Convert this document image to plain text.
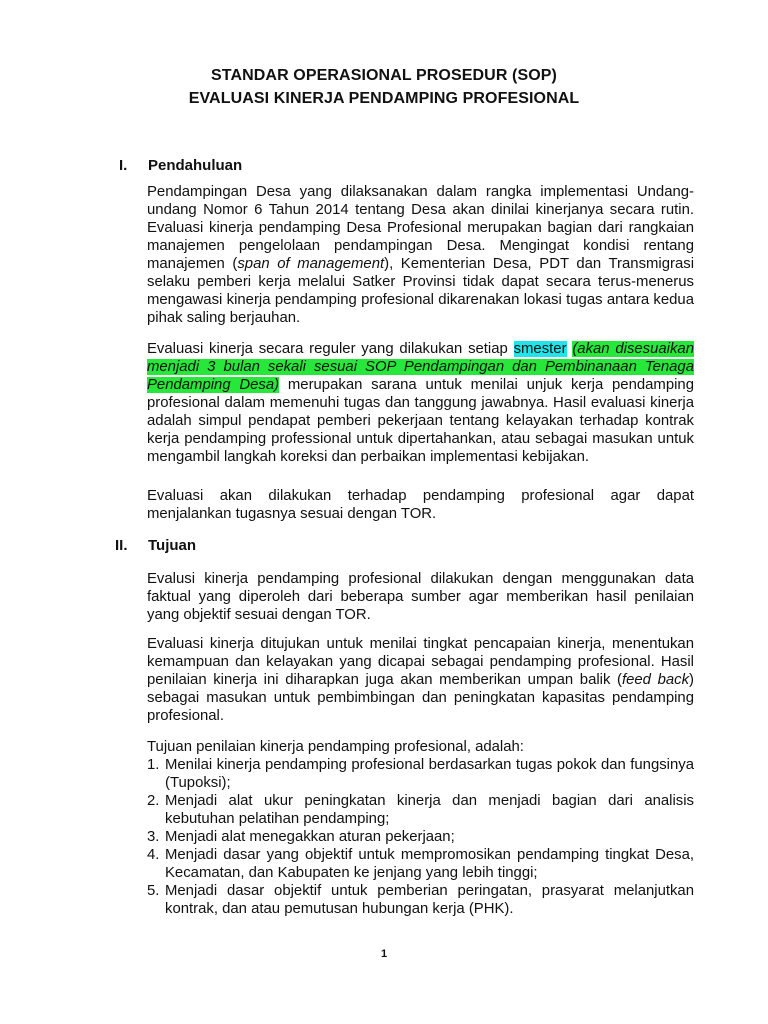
STANDAR OPERASIONAL PROSEDUR (SOP)
EVALUASI KINERJA PENDAMPING PROFESIONAL
I. Pendahuluan
Pendampingan Desa yang dilaksanakan dalam rangka implementasi Undang-undang Nomor 6 Tahun 2014 tentang Desa akan dinilai kinerjanya secara rutin. Evaluasi kinerja pendamping Desa Profesional merupakan bagian dari rangkaian manajemen pengelolaan pendampingan Desa. Mengingat kondisi rentang manajemen (span of management), Kementerian Desa, PDT dan Transmigrasi selaku pemberi kerja melalui Satker Provinsi tidak dapat secara terus-menerus mengawasi kinerja pendamping profesional dikarenakan lokasi tugas antara kedua pihak saling berjauhan.
Evaluasi kinerja secara reguler yang dilakukan setiap smester (akan disesuaikan menjadi 3 bulan sekali sesuai SOP Pendampingan dan Pembinanaan Tenaga Pendamping Desa) merupakan sarana untuk menilai unjuk kerja pendamping profesional dalam memenuhi tugas dan tanggung jawabnya. Hasil evaluasi kinerja adalah simpul pendapat pemberi pekerjaan tentang kelayakan terhadap kontrak kerja pendamping professional untuk dipertahankan, atau sebagai masukan untuk mengambil langkah koreksi dan perbaikan implementasi kebijakan.
Evaluasi akan dilakukan terhadap pendamping profesional agar dapat menjalankan tugasnya sesuai dengan TOR.
II. Tujuan
Evalusi kinerja pendamping profesional dilakukan dengan menggunakan data faktual yang diperoleh dari beberapa sumber agar memberikan hasil penilaian yang objektif sesuai dengan TOR.
Evaluasi kinerja ditujukan untuk menilai tingkat pencapaian kinerja, menentukan kemampuan dan kelayakan yang dicapai sebagai pendamping profesional. Hasil penilaian kinerja ini diharapkan juga akan memberikan umpan balik (feed back) sebagai masukan untuk pembimbingan dan peningkatan kapasitas pendamping profesional.
Tujuan penilaian kinerja pendamping profesional, adalah:
1. Menilai kinerja pendamping profesional berdasarkan tugas pokok dan fungsinya (Tupoksi);
2. Menjadi alat ukur peningkatan kinerja dan menjadi bagian dari analisis kebutuhan pelatihan pendamping;
3. Menjadi alat menegakkan aturan pekerjaan;
4. Menjadi dasar yang objektif untuk mempromosikan pendamping tingkat Desa, Kecamatan, dan Kabupaten ke jenjang yang lebih tinggi;
5. Menjadi dasar objektif untuk pemberian peringatan, prasyarat melanjutkan kontrak, dan atau pemutusan hubungan kerja (PHK).
1
